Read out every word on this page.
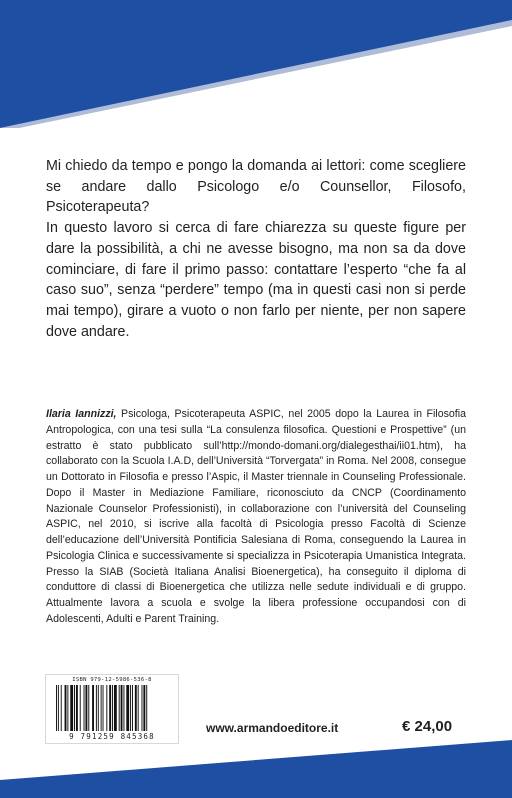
Mi chiedo da tempo e pongo la domanda ai lettori: come scegliere se andare dallo Psicologo e/o Counsellor, Filosofo, Psicoterapeuta?

In questo lavoro si cerca di fare chiarezza su queste figure per dare la possibilità, a chi ne avesse bisogno, ma non sa da dove cominciare, di fare il primo passo: contattare l’esperto “che fa al caso suo”, senza “perdere” tempo (ma in questi casi non si perde mai tempo), girare a vuoto o non farlo per niente, per non sapere dove andare.

Ilaria Iannizzi, Psicologa, Psicoterapeuta ASPIC, nel 2005 dopo la Laurea in Filosofia Antropologica, con una tesi sulla “La consulenza filosofica. Questioni e Prospettive” (un estratto è stato pubblicato sull’http://mondo-domani.org/dialegesthai/ii01.htm), ha collaborato con la Scuola I.A.D, dell’Università “Torvergata” in Roma. Nel 2008, consegue un Dottorato in Filosofia e presso l’Aspic, il Master triennale in Counseling Professionale. Dopo il Master in Mediazione Familiare, riconosciuto da CNCP (Coordinamento Nazionale Counselor Professionisti), in collaborazione con l’università del Counseling ASPIC, nel 2010, si iscrive alla facoltà di Psicologia presso Facoltà di Scienze dell’educazione dell’Università Pontificia Salesiana di Roma, conseguendo la Laurea in Psicologia Clinica e successivamente si specializza in Psicoterapia Umanistica Integrata. Presso la SIAB (Società Italiana Analisi Bioenergetica), ha conseguito il diploma di conduttore di classi di Bioenergetica che utilizza nelle sedute individuali e di gruppo. Attualmente lavora a scuola e svolge la libera professione occupandosi con di Adolescenti, Adulti e Parent Training.

ISBN 979-12-5986-536-8
9 791259 845368
www.armandoeditore.it	€ 24,00
